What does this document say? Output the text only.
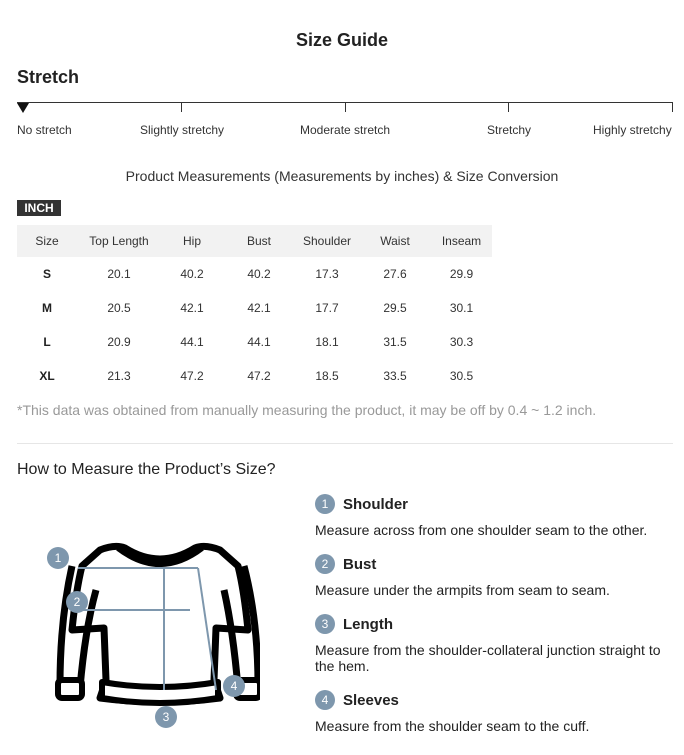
Size Guide
Stretch
No stretch	Slightly stretchy	Moderate stretch	Stretchy	Highly stretchy
Product Measurements (Measurements by inches) & Size Conversion
INCH
Size	Top Length	Hip	Bust	Shoulder	Waist	Inseam
S	20.1	40.2	40.2	17.3	27.6	29.9
M	20.5	42.1	42.1	17.7	29.5	30.1
L	20.9	44.1	44.1	18.1	31.5	30.3
XL	21.3	47.2	47.2	18.5	33.5	30.5
*This data was obtained from manually measuring the product, it may be off by 0.4 ~ 1.2 inch.
How to Measure the Product’s Size?
1
2
3
4
1 Shoulder
Measure across from one shoulder seam to the other.
2 Bust
Measure under the armpits from seam to seam.
3 Length
Measure from the shoulder-collateral junction straight to the hem.
4 Sleeves
Measure from the shoulder seam to the cuff.
